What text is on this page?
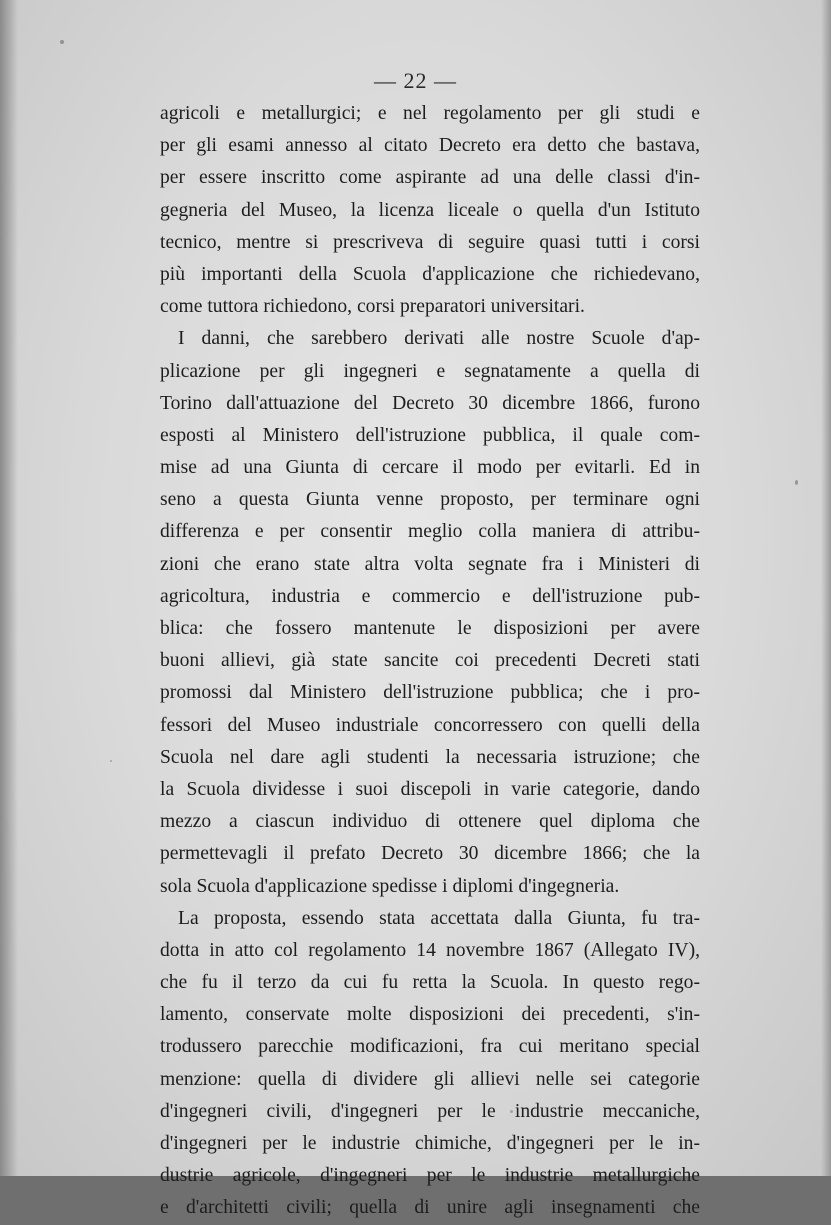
— 22 —
agricoli e metallurgici; e nel regolamento per gli studi e
per gli esami annesso al citato Decreto era detto che bastava,
per essere inscritto come aspirante ad una delle classi d'in-
gegneria del Museo, la licenza liceale o quella d'un Istituto
tecnico, mentre si prescriveva di seguire quasi tutti i corsi
più importanti della Scuola d'applicazione che richiedevano,
come tuttora richiedono, corsi preparatori universitari.
I danni, che sarebbero derivati alle nostre Scuole d'ap-
plicazione per gli ingegneri e segnatamente a quella di
Torino dall'attuazione del Decreto 30 dicembre 1866, furono
esposti al Ministero dell'istruzione pubblica, il quale com-
mise ad una Giunta di cercare il modo per evitarli. Ed in
seno a questa Giunta venne proposto, per terminare ogni
differenza e per consentir meglio colla maniera di attribu-
zioni che erano state altra volta segnate fra i Ministeri di
agricoltura, industria e commercio e dell'istruzione pub-
blica: che fossero mantenute le disposizioni per avere
buoni allievi, già state sancite coi precedenti Decreti stati
promossi dal Ministero dell'istruzione pubblica; che i pro-
fessori del Museo industriale concorressero con quelli della
Scuola nel dare agli studenti la necessaria istruzione; che
la Scuola dividesse i suoi discepoli in varie categorie, dando
mezzo a ciascun individuo di ottenere quel diploma che
permettevagli il prefato Decreto 30 dicembre 1866; che la
sola Scuola d'applicazione spedisse i diplomi d'ingegneria.
La proposta, essendo stata accettata dalla Giunta, fu tra-
dotta in atto col regolamento 14 novembre 1867 (Allegato IV),
che fu il terzo da cui fu retta la Scuola. In questo rego-
lamento, conservate molte disposizioni dei precedenti, s'in-
trodussero parecchie modificazioni, fra cui meritano special
menzione: quella di dividere gli allievi nelle sei categorie
d'ingegneri civili, d'ingegneri per le industrie meccaniche,
d'ingegneri per le industrie chimiche, d'ingegneri per le in-
dustrie agricole, d'ingegneri per le industrie metallurgiche
e d'architetti civili; quella di unire agli insegnamenti che
